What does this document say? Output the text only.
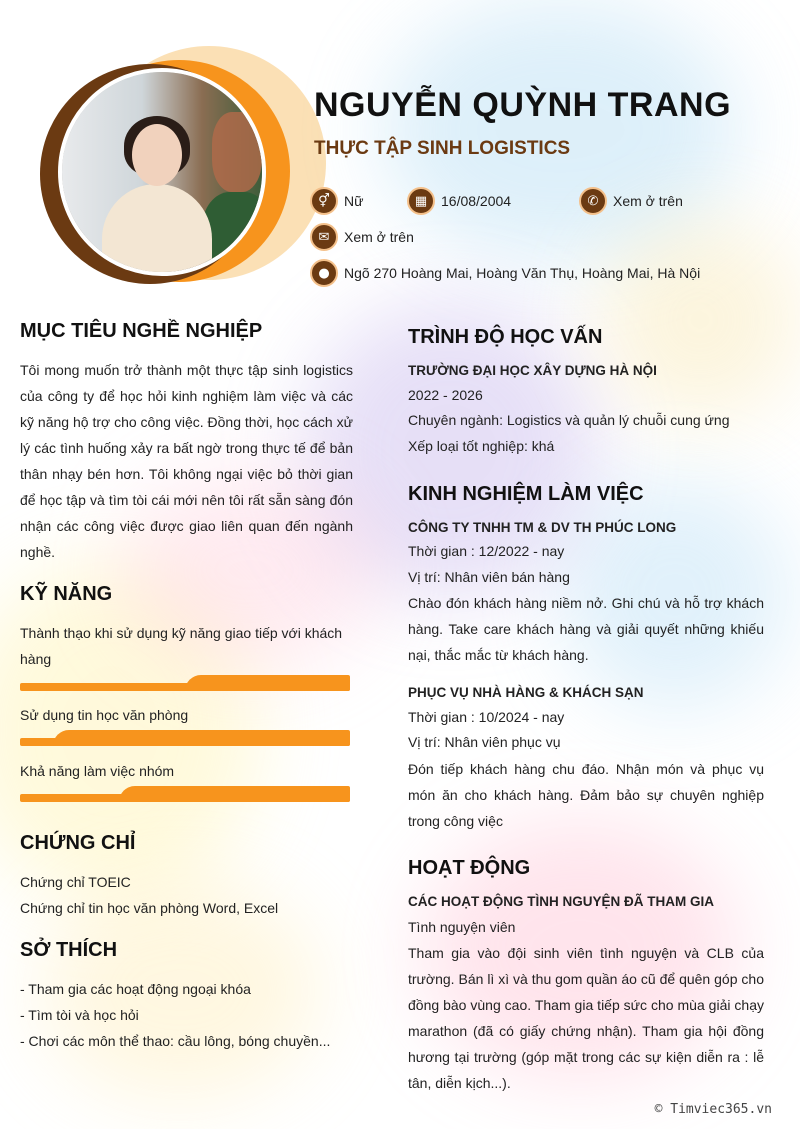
NGUYỄN QUỲNH TRANG
THỰC TẬP SINH LOGISTICS
⚥	Nữ	▦ 16/08/2004	✆	Xem ở trên
✉	Xem ở trên
●	Ngõ 270 Hoàng Mai, Hoàng Văn Thụ, Hoàng Mai, Hà Nội
MỤC TIÊU NGHỀ NGHIỆP

Tôi mong muốn trở thành một thực tập sinh logistics của công ty để học hỏi kinh nghiệm làm việc và các kỹ năng hộ trợ cho công việc. Đồng thời, học cách xử lý các tình huống xảy ra bất ngờ trong thực tế để bản thân nhạy bén hơn. Tôi không ngại việc bỏ thời gian để học tập và tìm tòi cái mới nên tôi rất sẵn sàng đón nhận các công việc được giao liên quan đến ngành nghề.

KỸ NĂNG
Thành thạo khi sử dụng kỹ năng giao tiếp với khách
hàng
Sử dụng tin học văn phòng
Khả năng làm việc nhóm
CHỨNG CHỈ
Chứng chỉ TOEIC
Chứng chỉ tin học văn phòng Word, Excel
SỞ THÍCH
- Tham gia các hoạt động ngoại khóa
- Tìm tòi và học hỏi
- Chơi các môn thể thao: cầu lông, bóng chuyền...
TRÌNH ĐỘ HỌC VẤN
TRƯỜNG ĐẠI HỌC XÂY DỰNG HÀ NỘI
2022 - 2026
Chuyên ngành: Logistics và quản lý chuỗi cung ứng
Xếp loại tốt nghiệp: khá
KINH NGHIỆM LÀM VIỆC
CÔNG TY TNHH TM & DV TH PHÚC LONG
Thời gian : 12/2022 - nay
Vị trí: Nhân viên bán hàng

Chào đón khách hàng niềm nở. Ghi chú và hỗ trợ khách hàng. Take care khách hàng và giải quyết những khiếu nại, thắc mắc từ khách hàng.

PHỤC VỤ NHÀ HÀNG & KHÁCH SẠN
Thời gian : 10/2024 - nay
Vị trí: Nhân viên phục vụ

Đón tiếp khách hàng chu đáo. Nhận món và phục vụ món ăn cho khách hàng. Đảm bảo sự chuyên nghiệp trong công việc

HOẠT ĐỘNG
CÁC HOẠT ĐỘNG TÌNH NGUYỆN ĐÃ THAM GIA
Tình nguyện viên

Tham gia vào đội sinh viên tình nguyện và CLB của trường. Bán lì xì và thu gom quần áo cũ để quên góp cho đồng bào vùng cao. Tham gia tiếp sức cho mùa giải chạy marathon (đã có giấy chứng nhận). Tham gia hội đồng hương tại trường (góp mặt trong các sự kiện diễn ra : lễ tân, diễn kịch...).

© Timviec365.vn
